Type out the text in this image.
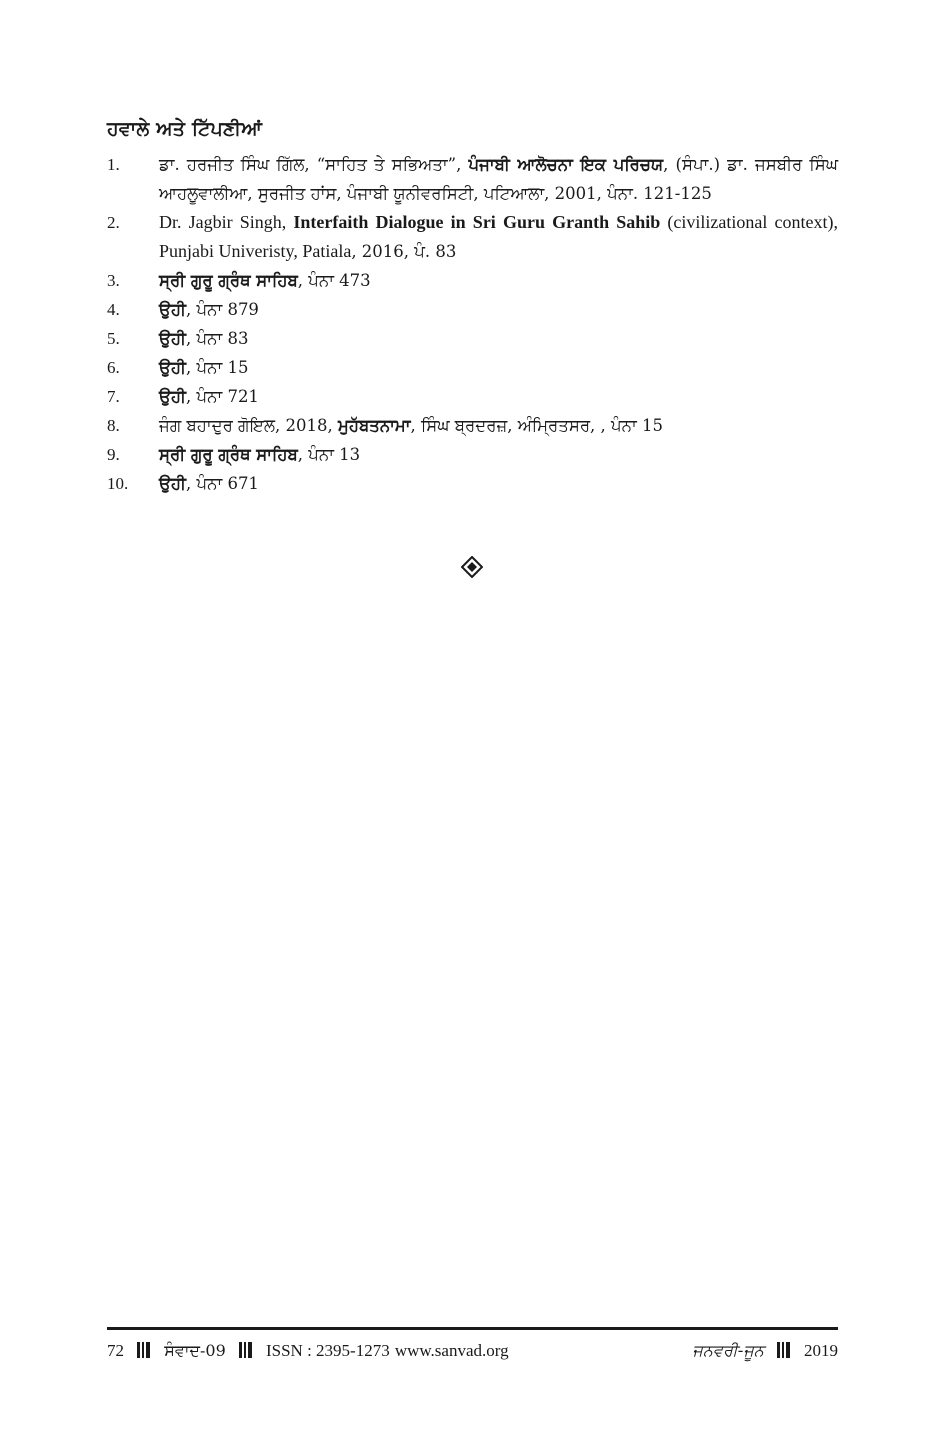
ਹਵਾਲੇ ਅਤੇ ਟਿੱਪਣੀਆਂ
1.	ਡਾ. ਹਰਜੀਤ ਸਿੰਘ ਗਿੱਲ, “ਸਾਹਿਤ ਤੇ ਸਭਿਅਤਾ”, ਪੰਜਾਬੀ ਆਲੋਚਨਾ ਇਕ ਪਰਿਚਯ, (ਸੰਪਾ.) ਡਾ. ਜਸਬੀਰ ਸਿੰਘ ਆਹਲੂਵਾਲੀਆ, ਸੁਰਜੀਤ ਹਾਂਸ, ਪੰਜਾਬੀ ਯੂਨੀਵਰਸਿਟੀ, ਪਟਿਆਲਾ, 2001, ਪੰਨਾ. 121-125
2.	Dr. Jagbir Singh, Interfaith Dialogue in Sri Guru Granth Sahib (civilizational context), Punjabi Univeristy, Patiala, 2016, ਪੰ. 83
3.	ਸ੍ਰੀ ਗੁਰੂ ਗ੍ਰੰਥ ਸਾਹਿਬ, ਪੰਨਾ 473
4.	ਉਹੀ, ਪੰਨਾ 879
5.	ਉਹੀ, ਪੰਨਾ 83
6.	ਉਹੀ, ਪੰਨਾ 15
7.	ਉਹੀ, ਪੰਨਾ 721
8.	ਜੰਗ ਬਹਾਦੁਰ ਗੋਇਲ, 2018, ਮੁਹੱਬਤਨਾਮਾ, ਸਿੰਘ ਬ੍ਰਦਰਜ਼, ਅੰਮ੍ਰਿਤਸਰ, , ਪੰਨਾ 15
9.	ਸ੍ਰੀ ਗੁਰੂ ਗ੍ਰੰਥ ਸਾਹਿਬ, ਪੰਨਾ 13
10.	ਉਹੀ, ਪੰਨਾ 671
72	ਸੰਵਾਦ-09 ISSN : 2395-1273 www.sanvad.org	ਜਨਵਰੀ-ਜੂਨ 2019
